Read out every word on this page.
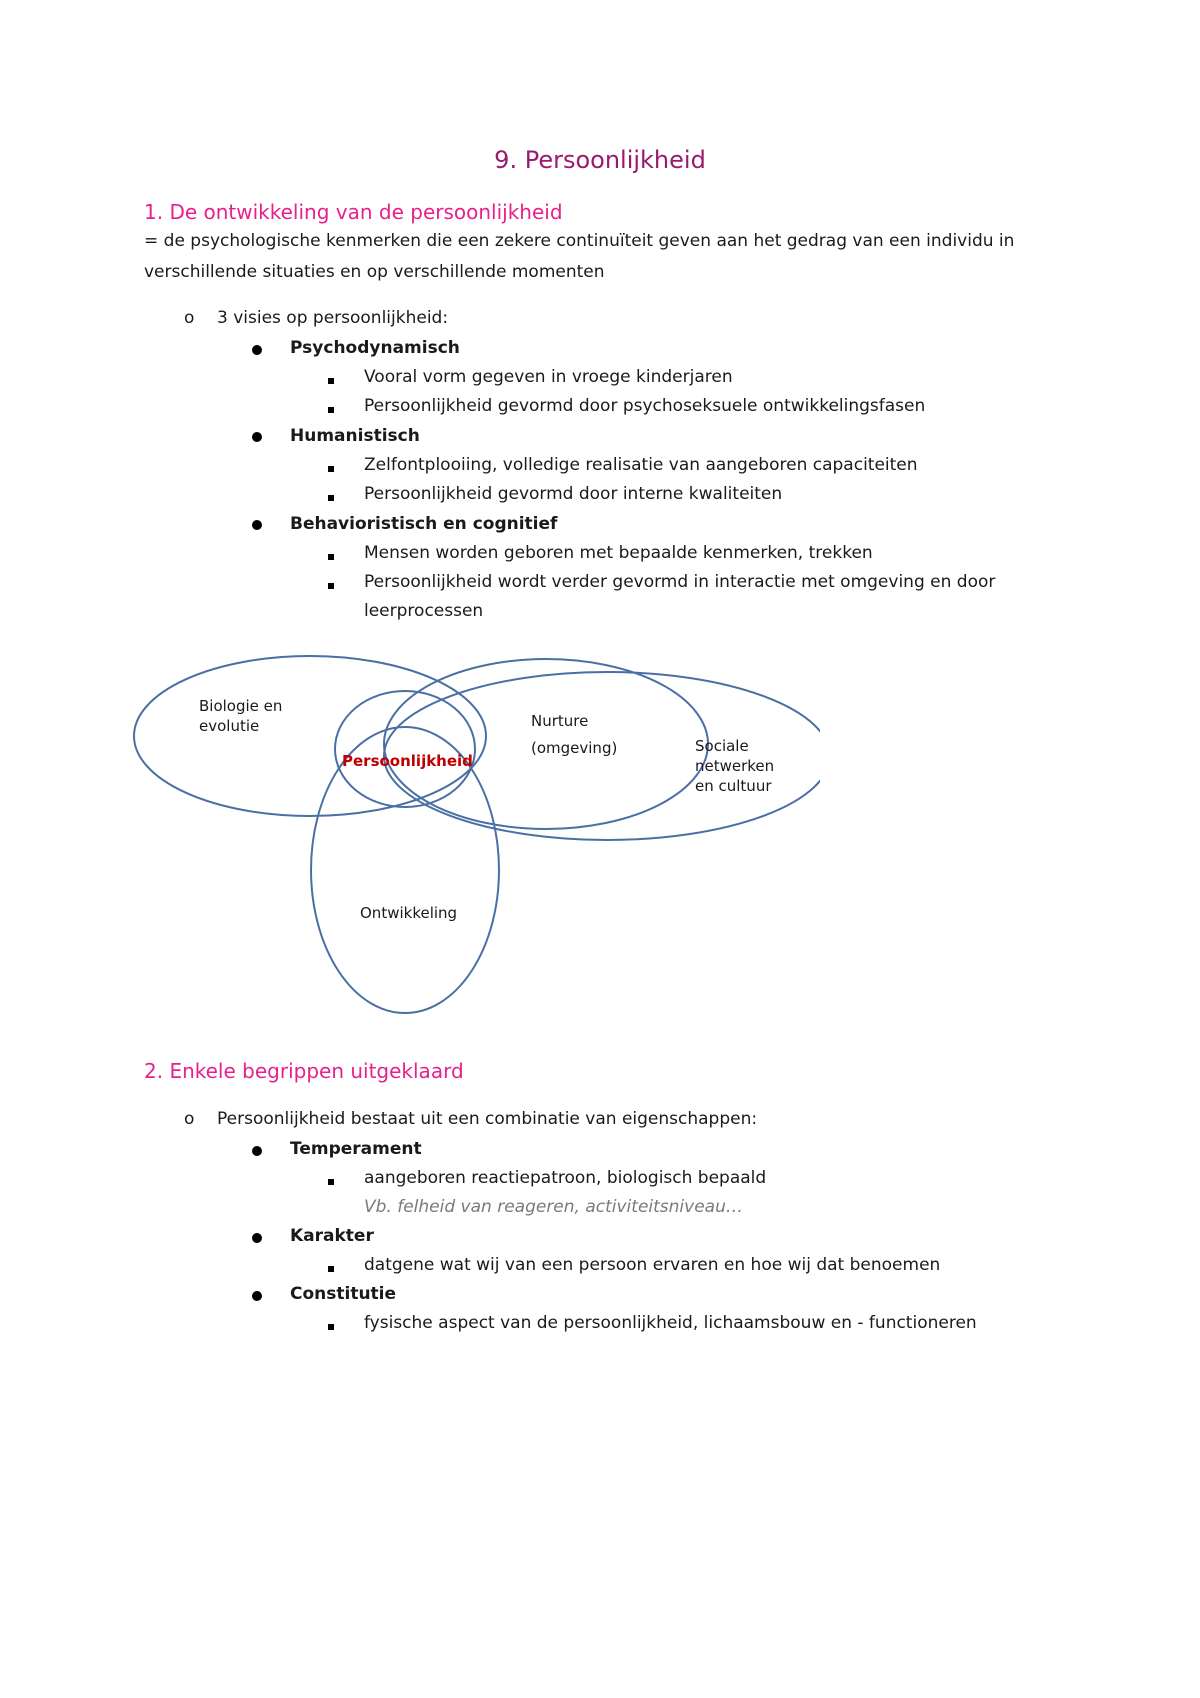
9. Persoonlijkheid
1. De ontwikkeling van de persoonlijkheid
= de psychologische kenmerken die een zekere continuïteit geven aan het gedrag van een individu in verschillende situaties en op verschillende momenten
o 3 visies op persoonlijkheid:
Psychodynamisch
Vooral vorm gegeven in vroege kinderjaren
Persoonlijkheid gevormd door psychoseksuele ontwikkelingsfasen
Humanistisch
Zelfontplooiing, volledige realisatie van aangeboren capaciteiten
Persoonlijkheid gevormd door interne kwaliteiten
Behavioristisch en cognitief
Mensen worden geboren met bepaalde kenmerken, trekken
Persoonlijkheid wordt verder gevormd in interactie met omgeving en door
leerprocessen
Biologie en
evolutie
Persoonlijkheid
Nurture
(omgeving)	Sociale
netwerken
en cultuur
Ontwikkeling
2. Enkele begrippen uitgeklaard
o Persoonlijkheid bestaat uit een combinatie van eigenschappen:
Temperament
aangeboren reactiepatroon, biologisch bepaald
Vb. felheid van reageren, activiteitsniveau…
Karakter
datgene wat wij van een persoon ervaren en hoe wij dat benoemen
Constitutie
fysische aspect van de persoonlijkheid, lichaamsbouw en - functioneren
